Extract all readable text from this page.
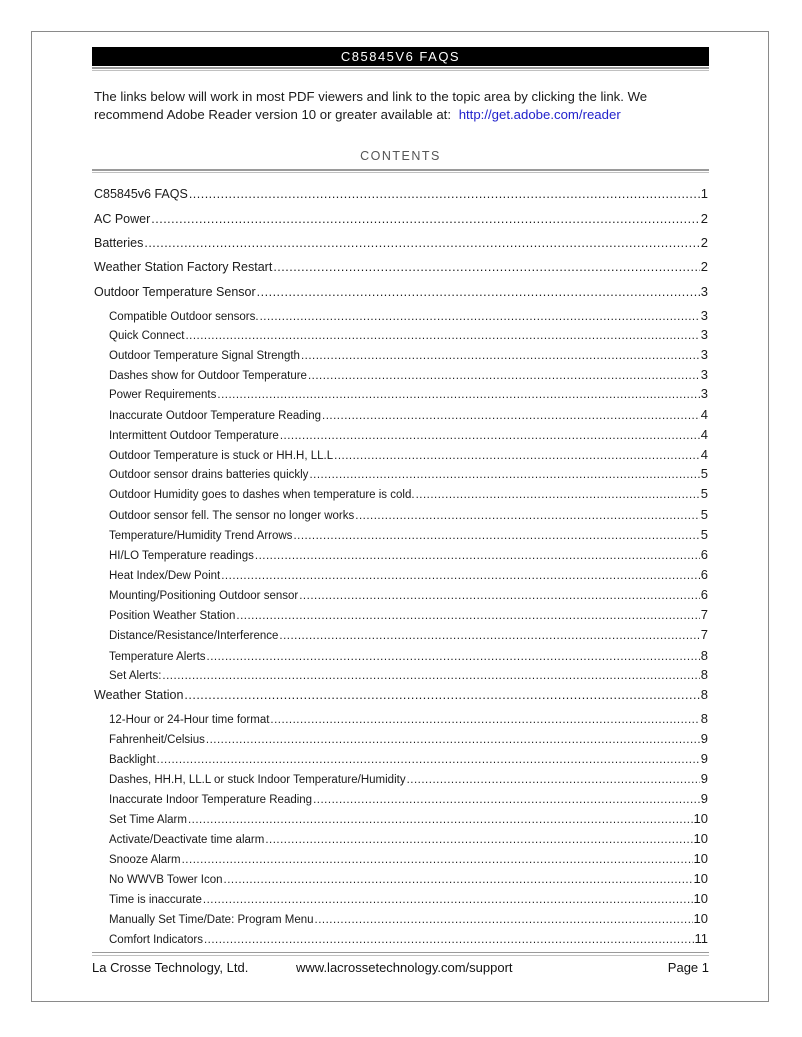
C85845V6 FAQS
The links below will work in most PDF viewers and link to the topic area by clicking the link. We recommend Adobe Reader version 10 or greater available at: http://get.adobe.com/reader
CONTENTS
C85845v6 FAQS .....	1
AC Power .....	2
Batteries .....	2
Weather Station Factory Restart .....	2
Outdoor Temperature Sensor .....	3
Compatible Outdoor sensors. .....	3
Quick Connect .....	3
Outdoor Temperature Signal Strength .....	3
Dashes show for Outdoor Temperature .....	3
Power Requirements .....	3
Inaccurate Outdoor Temperature Reading .....	4
Intermittent Outdoor Temperature .....	4
Outdoor Temperature is stuck or HH.H, LL.L .....	4
Outdoor sensor drains batteries quickly .....	5
Outdoor Humidity goes to dashes when temperature is cold. .....	5
Outdoor sensor fell. The sensor no longer works .....	5
Temperature/Humidity Trend Arrows .....	5
HI/LO Temperature readings .....	6
Heat Index/Dew Point .....	6
Mounting/Positioning Outdoor sensor .....	6
Position Weather Station .....	7
Distance/Resistance/Interference .....	7
Temperature Alerts .....	8
Set Alerts: .....	8
Weather Station .....	8
12-Hour or 24-Hour time format .....	8
Fahrenheit/Celsius .....	9
Backlight .....	9
Dashes, HH.H, LL.L or stuck Indoor Temperature/Humidity .....	9
Inaccurate Indoor Temperature Reading .....	9
Set Time Alarm .....	10
Activate/Deactivate time alarm .....	10
Snooze Alarm .....	10
No WWVB Tower Icon .....	10
Time is inaccurate .....	10
Manually Set Time/Date: Program Menu .....	10
Comfort Indicators .....	11
La Crosse Technology, Ltd.	www.lacrossetechnology.com/support	Page 1
